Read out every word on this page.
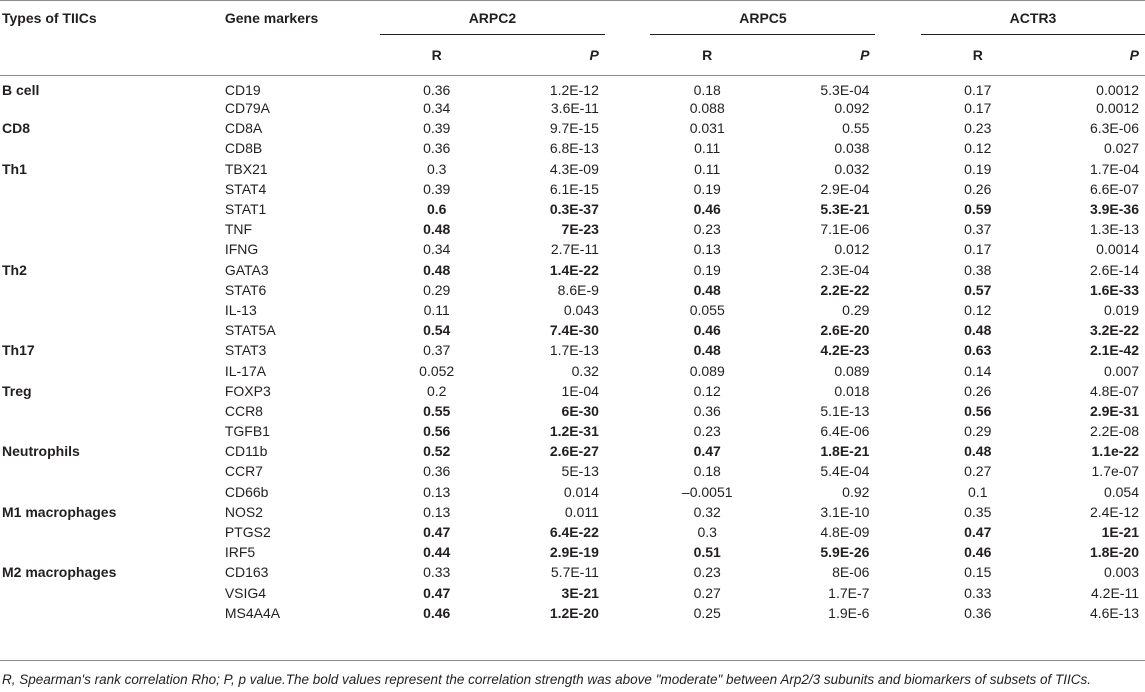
Types of TIICs	Gene markers	ARPC2			ARPC5			ACTR3	
		R	P		R	P		R	P
B cell	CD19	0.36	1.2E-12		0.18	5.3E-04		0.17	0.0012
	CD79A	0.34	3.6E-11		0.088	0.092		0.17	0.0012
CD8	CD8A	0.39	9.7E-15		0.031	0.55		0.23	6.3E-06
	CD8B	0.36	6.8E-13		0.11	0.038		0.12	0.027
Th1	TBX21	0.3	4.3E-09		0.11	0.032		0.19	1.7E-04
	STAT4	0.39	6.1E-15		0.19	2.9E-04		0.26	6.6E-07
	STAT1	0.6	0.3E-37		0.46	5.3E-21		0.59	3.9E-36
	TNF	0.48	7E-23		0.23	7.1E-06		0.37	1.3E-13
	IFNG	0.34	2.7E-11		0.13	0.012		0.17	0.0014
Th2	GATA3	0.48	1.4E-22		0.19	2.3E-04		0.38	2.6E-14
	STAT6	0.29	8.6E-9		0.48	2.2E-22		0.57	1.6E-33
	IL-13	0.11	0.043		0.055	0.29		0.12	0.019
	STAT5A	0.54	7.4E-30		0.46	2.6E-20		0.48	3.2E-22
Th17	STAT3	0.37	1.7E-13		0.48	4.2E-23		0.63	2.1E-42
	IL-17A	0.052	0.32		0.089	0.089		0.14	0.007
Treg	FOXP3	0.2	1E-04		0.12	0.018		0.26	4.8E-07
	CCR8	0.55	6E-30		0.36	5.1E-13		0.56	2.9E-31
	TGFB1	0.56	1.2E-31		0.23	6.4E-06		0.29	2.2E-08
Neutrophils	CD11b	0.52	2.6E-27		0.47	1.8E-21		0.48	1.1e-22
	CCR7	0.36	5E-13		0.18	5.4E-04		0.27	1.7e-07
	CD66b	0.13	0.014		–0.0051	0.92		0.1	0.054
M1 macrophages	NOS2	0.13	0.011		0.32	3.1E-10		0.35	2.4E-12
	PTGS2	0.47	6.4E-22		0.3	4.8E-09		0.47	1E-21
	IRF5	0.44	2.9E-19		0.51	5.9E-26		0.46	1.8E-20
M2 macrophages	CD163	0.33	5.7E-11		0.23	8E-06		0.15	0.003
	VSIG4	0.47	3E-21		0.27	1.7E-7		0.33	4.2E-11
	MS4A4A	0.46	1.2E-20		0.25	1.9E-6		0.36	4.6E-13
R, Spearman's rank correlation Rho; P, p value.The bold values represent the correlation strength was above "moderate" between Arp2/3 subunits and biomarkers of subsets of TIICs.
